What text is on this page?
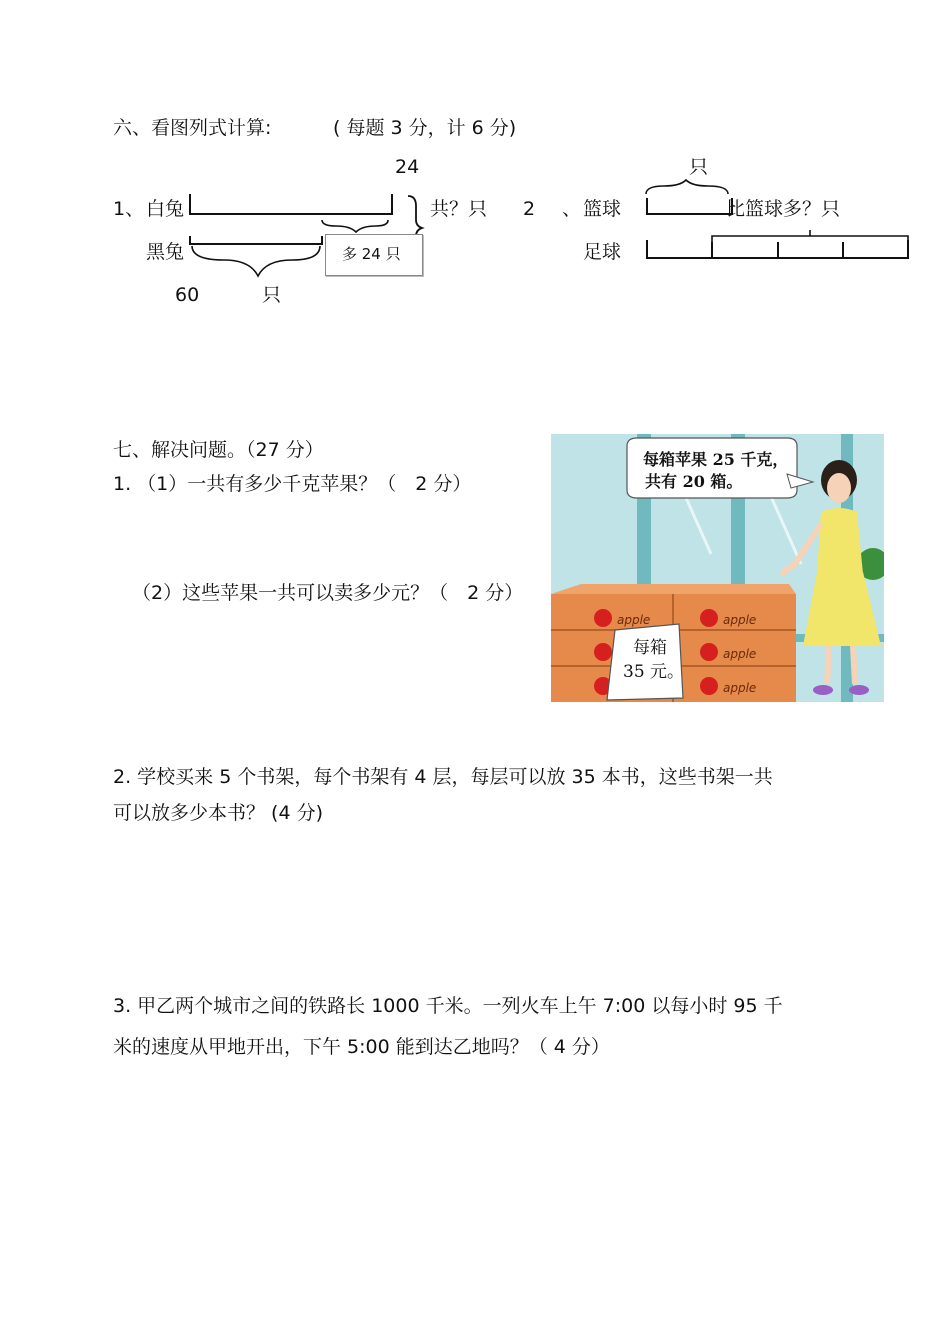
六、看图列式计算:	( 每题 3 分，计 6 分)
1、 白兔
黑兔
24
共？只
60	只
多 24 只
2 、 篮球
只
比篮球多？只
足球
七、解决问题。（27 分）
1. （1）一共有多少千克苹果？（　2 分）
（2）这些苹果一共可以卖多少元？（　2 分）
apple	apple
apple
apple
每箱苹果 25 千克，
共有 20 箱。
每箱
35 元。
2. 学校买来 5 个书架，每个书架有 4 层，每层可以放 35 本书，这些书架一共
可以放多少本书？ (4 分)
3. 甲乙两个城市之间的铁路长 1000 千米。一列火车上午 7:00 以每小时 95 千
米的速度从甲地开出，下午 5:00 能到达乙地吗？（ 4 分）
